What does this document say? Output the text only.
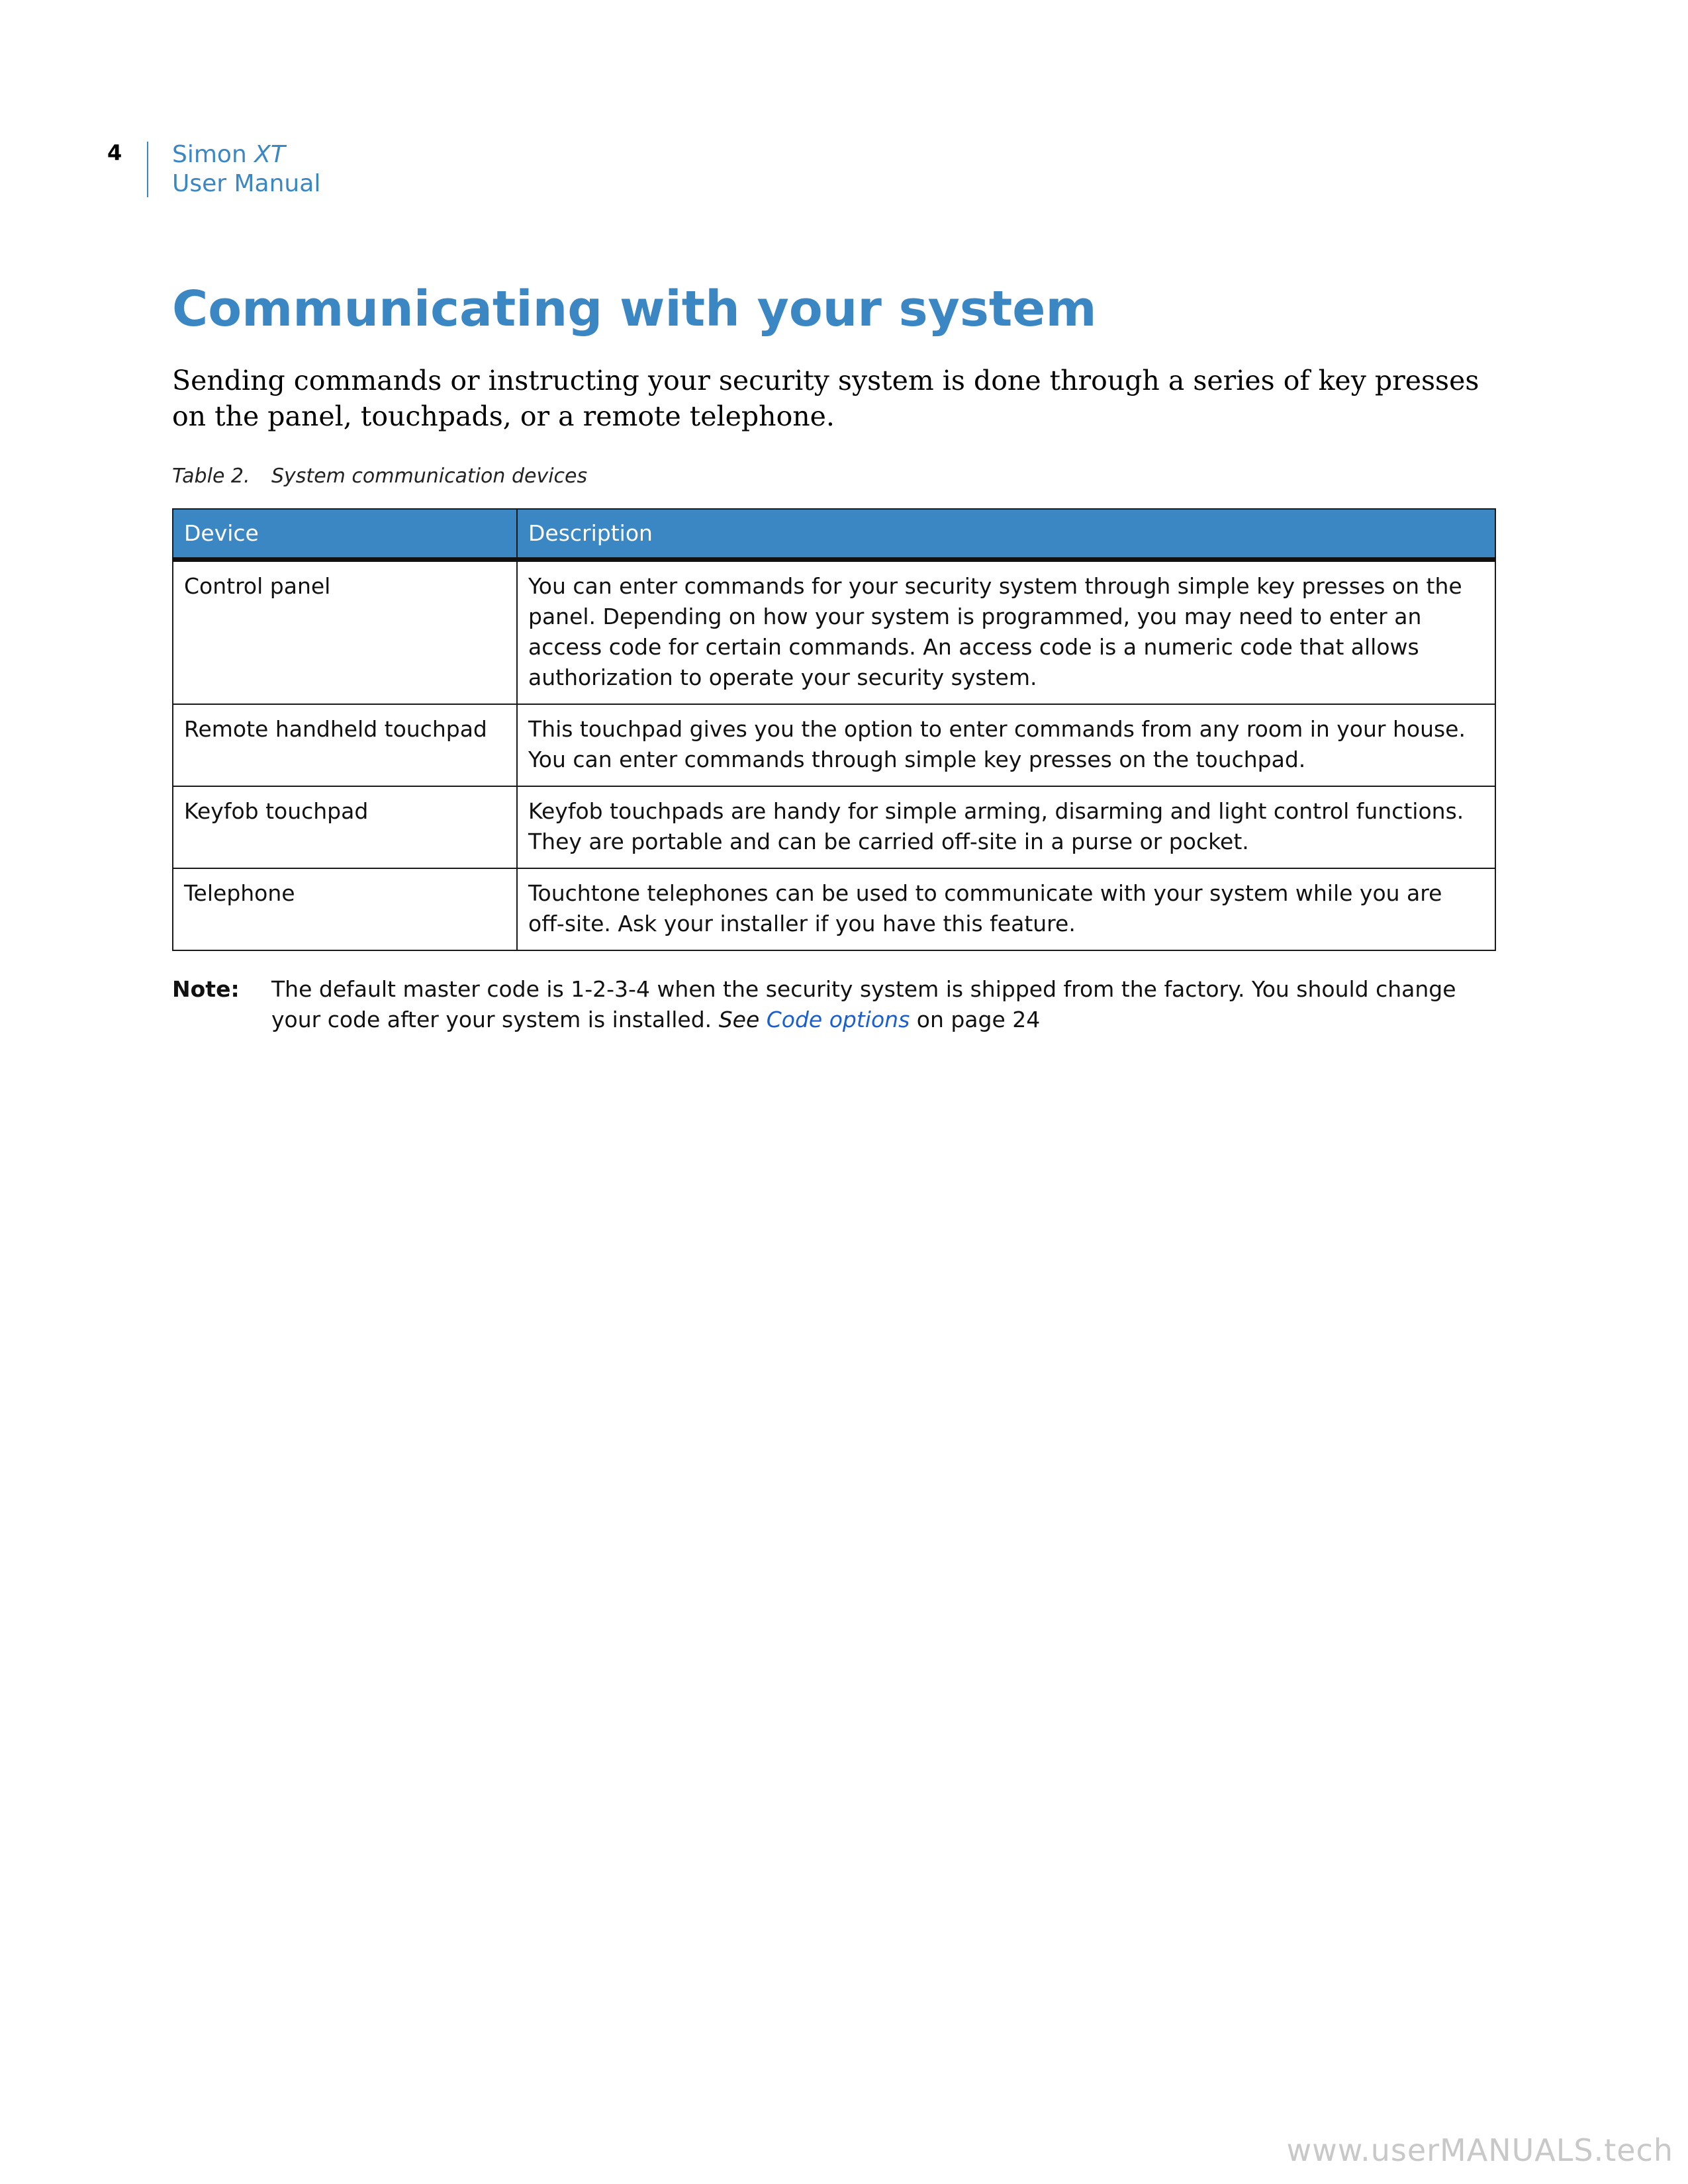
4 Simon XT
User Manual
Communicating with your system

Sending commands or instructing your security system is done through a series of key presses on the panel, touchpads, or a remote telephone.

Table 2. System communication devices
Device	Description
Control panel	You can enter commands for your security system through simple key presses on the panel. Depending on how your system is programmed, you may need to enter an access code for certain commands. An access code is a numeric code that allows authorization to operate your security system.
Remote handheld touchpad	This touchpad gives you the option to enter commands from any room in your house. You can enter commands through simple key presses on the touchpad.
Keyfob touchpad	Keyfob touchpads are handy for simple arming, disarming and light control functions. They are portable and can be carried off-site in a purse or pocket.
Telephone	Touchtone telephones can be used to communicate with your system while you are off-site. Ask your installer if you have this feature.
Note: The default master code is 1-2-3-4 when the security system is shipped from the factory. You should change your code after your system is installed. See Code options on page 24
www.userMANUALS.tech
